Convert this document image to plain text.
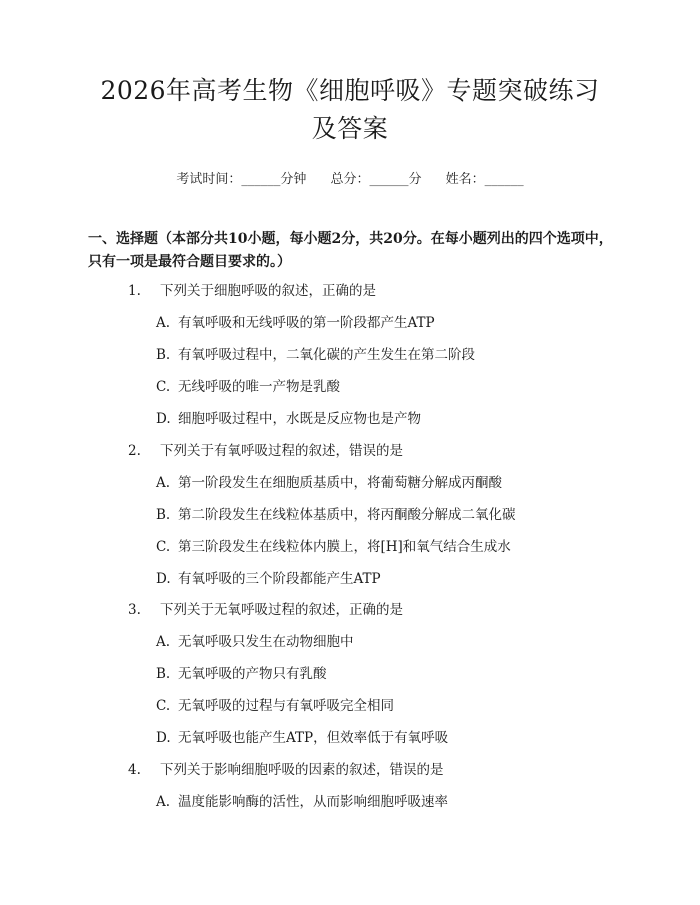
2026年高考生物《细胞呼吸》专题突破练习
及答案
考试时间：______分钟 总分：______分 姓名：______
一、选择题（本部分共10小题，每小题2分，共20分。在每小题列出的四个选项中，只有一项是最符合题目要求的。）
1. 下列关于细胞呼吸的叙述，正确的是
A. 有氧呼吸和无线呼吸的第一阶段都产生ATP
B. 有氧呼吸过程中，二氧化碳的产生发生在第二阶段
C. 无线呼吸的唯一产物是乳酸
D. 细胞呼吸过程中，水既是反应物也是产物
2. 下列关于有氧呼吸过程的叙述，错误的是
A. 第一阶段发生在细胞质基质中，将葡萄糖分解成丙酮酸
B. 第二阶段发生在线粒体基质中，将丙酮酸分解成二氧化碳
C. 第三阶段发生在线粒体内膜上，将[H]和氧气结合生成水
D. 有氧呼吸的三个阶段都能产生ATP
3. 下列关于无氧呼吸过程的叙述，正确的是
A. 无氧呼吸只发生在动物细胞中
B. 无氧呼吸的产物只有乳酸
C. 无氧呼吸的过程与有氧呼吸完全相同
D. 无氧呼吸也能产生ATP，但效率低于有氧呼吸
4. 下列关于影响细胞呼吸的因素的叙述，错误的是
A. 温度能影响酶的活性，从而影响细胞呼吸速率
